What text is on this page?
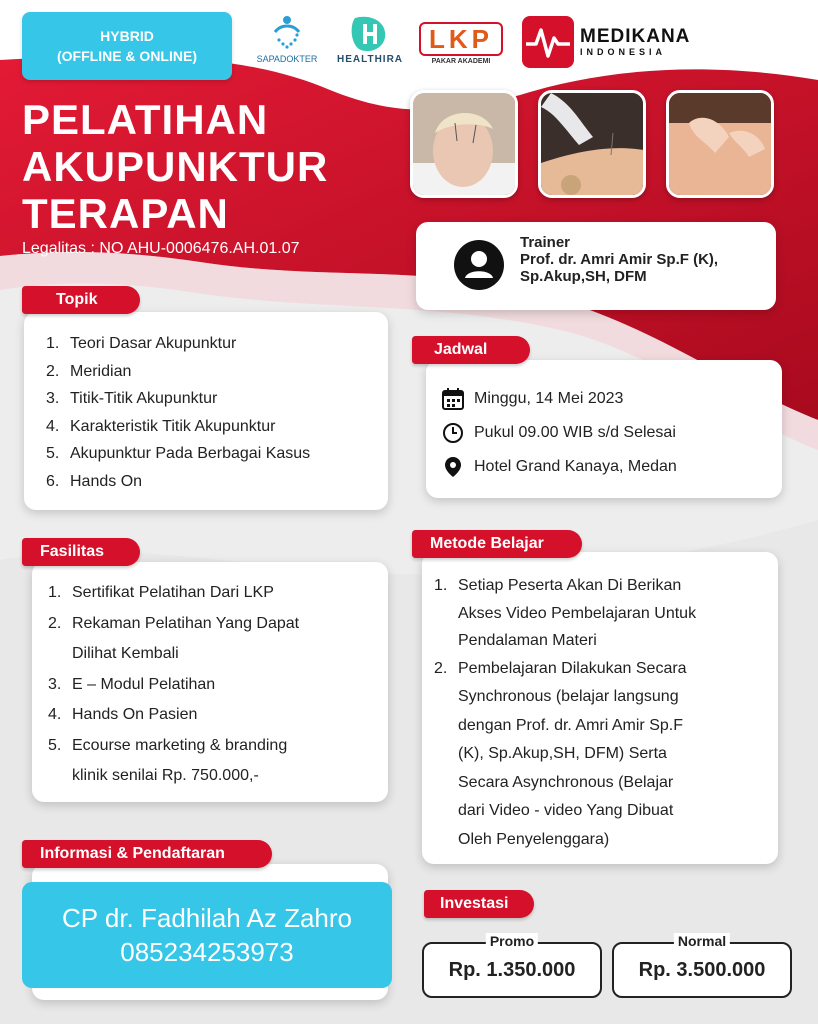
HYBRID
(OFFLINE & ONLINE)	SAPADOKTER HEALTHIRA
LKP
PAKAR AKADEMI
MEDIKANA
INDONESIA
PELATIHAN
AKUPUNKTUR
TERAPAN
Legalitas : NO AHU-0006476.AH.01.07	Trainer
Prof. dr. Amri Amir Sp.F (K),
Sp.Akup,SH, DFM
1. Teori Dasar Akupunktur
2. Meridian
3. Titik-Titik Akupunktur
4. Karakteristik Titik Akupunktur
5. Akupunktur Pada Berbagai Kasus
6. Hands On
Topik
Minggu, 14 Mei 2023
Pukul 09.00 WIB s/d Selesai
Hotel Grand Kanaya, Medan
Jadwal
1. Sertifikat Pelatihan Dari LKP
2. Rekaman Pelatihan Yang Dapat
Dilihat Kembali
3. E – Modul Pelatihan
4. Hands On Pasien
5. Ecourse marketing & branding
klinik senilai Rp. 750.000,-
Fasilitas
1. Setiap Peserta Akan Di Berikan
Akses Video Pembelajaran Untuk
Pendalaman Materi
2. Pembelajaran Dilakukan Secara
Synchronous (belajar langsung
dengan Prof. dr. Amri Amir Sp.F
(K), Sp.Akup,SH, DFM) Serta
Secara Asynchronous (Belajar
dari Video - video Yang Dibuat
Oleh Penyelenggara)
Metode Belajar
Informasi & Pendaftaran
CP dr. Fadhilah Az Zahro
085234253973
Investasi
Promo
Rp. 1.350.000
Normal
Rp. 3.500.000
